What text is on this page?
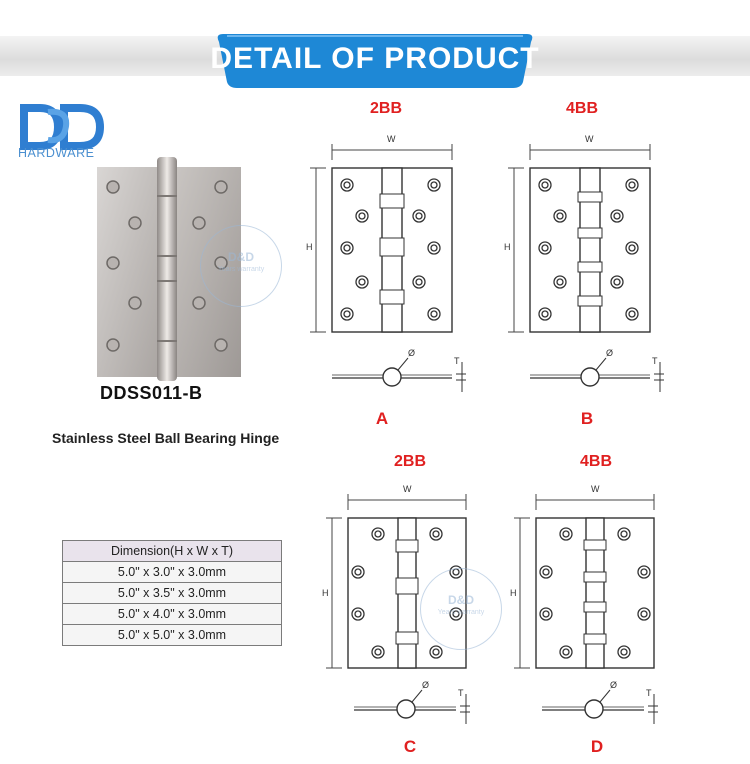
DETAIL OF PRODUCT
HARDWARE
DDSS011-B
Stainless Steel Ball Bearing Hinge
Dimension(H x W x T)
5.0" x 3.0" x 3.0mm
5.0" x 3.5" x 3.0mm
5.0" x 4.0" x 3.0mm
5.0" x 5.0" x 3.0mm
2BB
W
H
Ø
T
A
4BB
W
H
Ø
T
B
2BB
W
H
Ø
T
C
4BB
W
H
Ø
T
D
D&D
Years warranty
D&D
Years warranty
